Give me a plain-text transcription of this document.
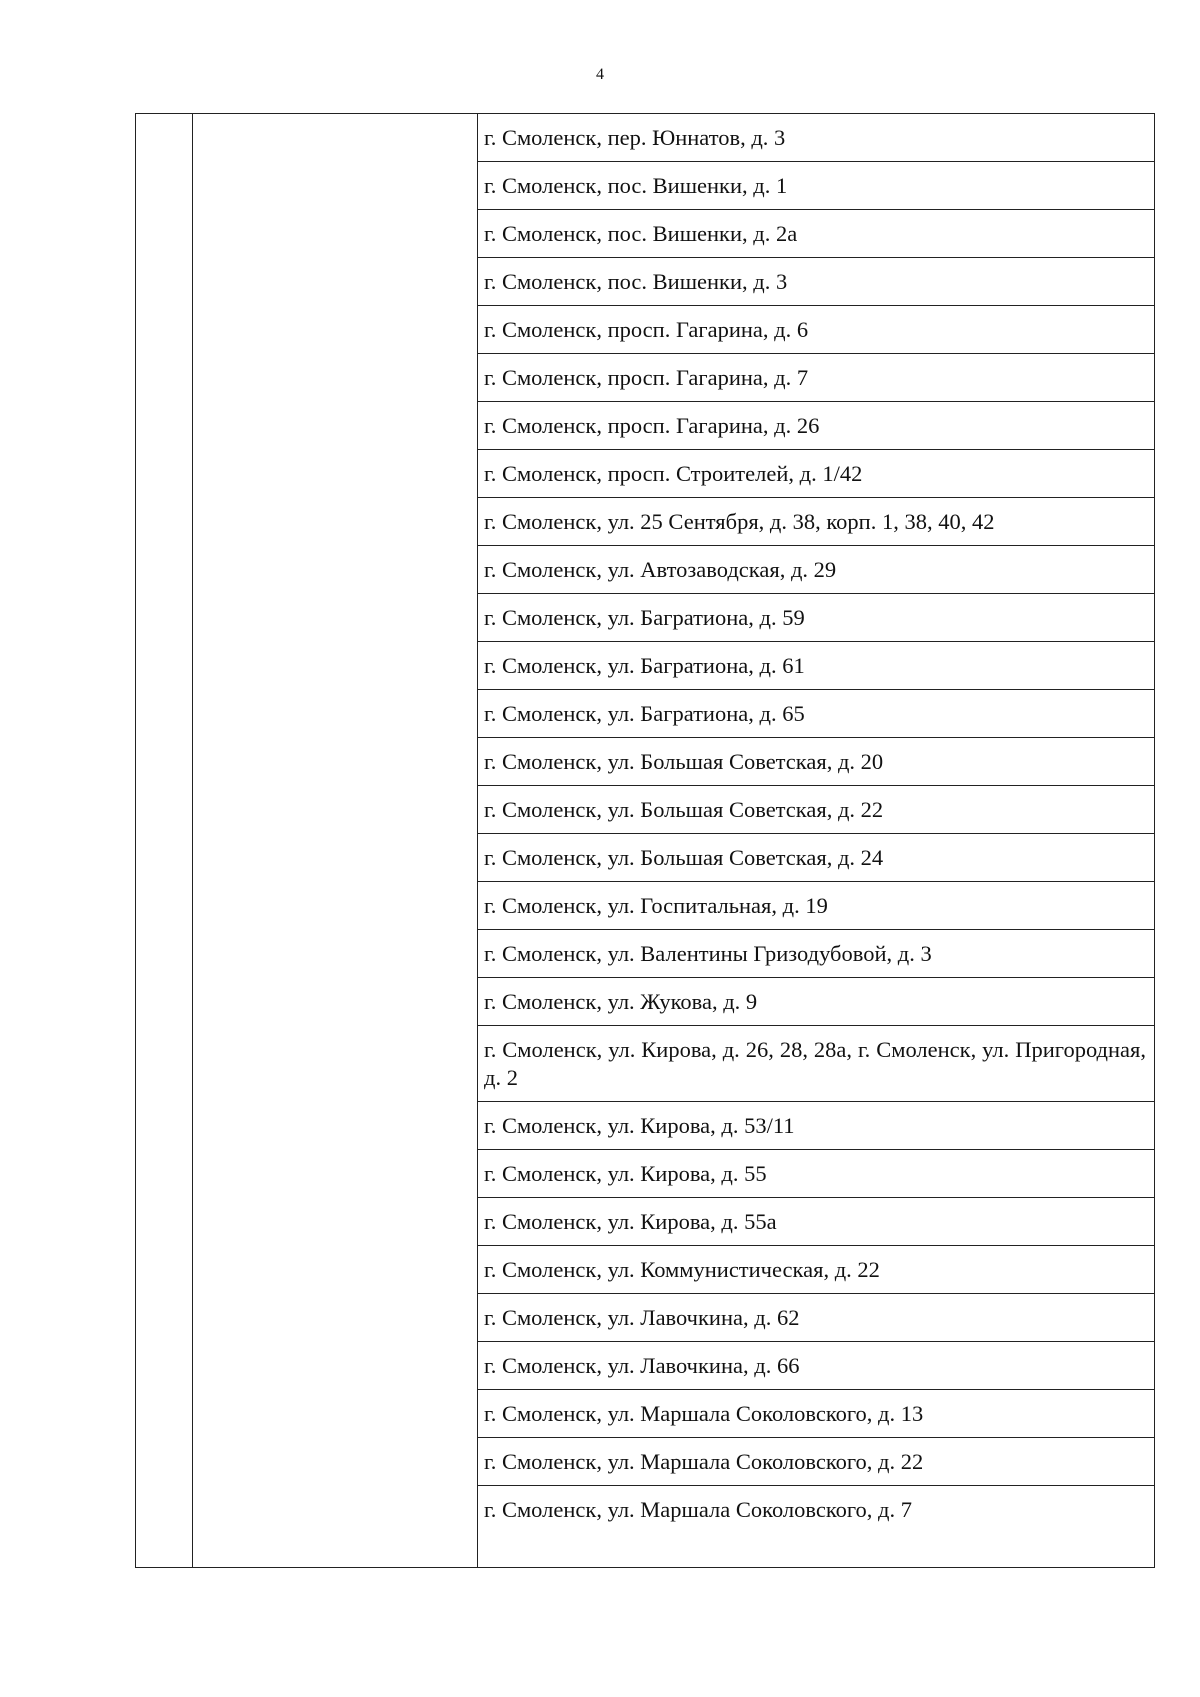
4
г. Смоленск, пер. Юннатов, д. 3
г. Смоленск, пос. Вишенки, д. 1
г. Смоленск, пос. Вишенки, д. 2а
г. Смоленск, пос. Вишенки, д. 3
г. Смоленск, просп. Гагарина, д. 6
г. Смоленск, просп. Гагарина, д. 7
г. Смоленск, просп. Гагарина, д. 26
г. Смоленск, просп. Строителей, д. 1/42
г. Смоленск, ул. 25 Сентября, д. 38, корп. 1, 38, 40, 42
г. Смоленск, ул. Автозаводская, д. 29
г. Смоленск, ул. Багратиона, д. 59
г. Смоленск, ул. Багратиона, д. 61
г. Смоленск, ул. Багратиона, д. 65
г. Смоленск, ул. Большая Советская, д. 20
г. Смоленск, ул. Большая Советская, д. 22
г. Смоленск, ул. Большая Советская, д. 24
г. Смоленск, ул. Госпитальная, д. 19
г. Смоленск, ул. Валентины Гризодубовой, д. 3
г. Смоленск, ул. Жукова, д. 9
г. Смоленск, ул. Кирова, д. 26, 28, 28а, г. Смоленск, ул. Пригородная, д. 2
г. Смоленск, ул. Кирова, д. 53/11
г. Смоленск, ул. Кирова, д. 55
г. Смоленск, ул. Кирова, д. 55а
г. Смоленск, ул. Коммунистическая, д. 22
г. Смоленск, ул. Лавочкина, д. 62
г. Смоленск, ул. Лавочкина, д. 66
г. Смоленск, ул. Маршала Соколовского, д. 13
г. Смоленск, ул. Маршала Соколовского, д. 22
г. Смоленск, ул. Маршала Соколовского, д. 7
